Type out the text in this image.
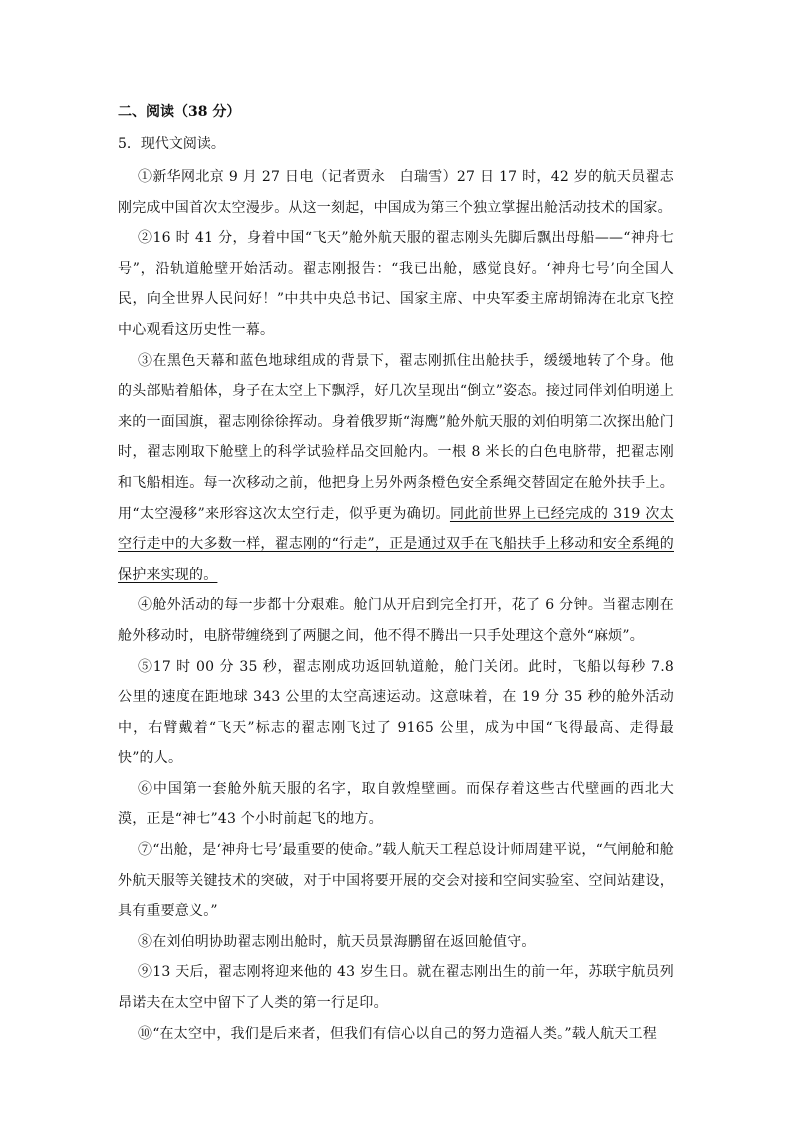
二、阅读（38 分）

5．现代文阅读。

①新华网北京 9 月 27 日电（记者贾永　白瑞雪）27 日 17 时，42 岁的航天员翟志刚完成中国首次太空漫步。从这一刻起，中国成为第三个独立掌握出舱活动技术的国家。

②16 时 41 分，身着中国“飞天”舱外航天服的翟志刚头先脚后飘出母船——“神舟七号”，沿轨道舱壁开始活动。翟志刚报告：“我已出舱，感觉良好。‘神舟七号’向全国人民，向全世界人民问好！”中共中央总书记、国家主席、中央军委主席胡锦涛在北京飞控中心观看这历史性一幕。

③在黑色天幕和蓝色地球组成的背景下，翟志刚抓住出舱扶手，缓缓地转了个身。他的头部贴着船体，身子在太空上下飘浮，好几次呈现出“倒立”姿态。接过同伴刘伯明递上来的一面国旗，翟志刚徐徐挥动。身着俄罗斯“海鹰”舱外航天服的刘伯明第二次探出舱门时，翟志刚取下舱壁上的科学试验样品交回舱内。一根 8 米长的白色电脐带，把翟志刚和飞船相连。每一次移动之前，他把身上另外两条橙色安全系绳交替固定在舱外扶手上。用“太空漫移”来形容这次太空行走，似乎更为确切。同此前世界上已经完成的 319 次太空行走中的大多数一样，翟志刚的“行走”，正是通过双手在飞船扶手上移动和安全系绳的保护来实现的。

④舱外活动的每一步都十分艰难。舱门从开启到完全打开，花了 6 分钟。当翟志刚在舱外移动时，电脐带缠绕到了两腿之间，他不得不腾出一只手处理这个意外“麻烦”。

⑤17 时 00 分 35 秒，翟志刚成功返回轨道舱，舱门关闭。此时，飞船以每秒 7.8 公里的速度在距地球 343 公里的太空高速运动。这意味着，在 19 分 35 秒的舱外活动中，右臂戴着“飞天”标志的翟志刚飞过了 9165 公里，成为中国“飞得最高、走得最快”的人。

⑥中国第一套舱外航天服的名字，取自敦煌壁画。而保存着这些古代壁画的西北大漠，正是“神七”43 个小时前起飞的地方。

⑦“出舱，是‘神舟七号’最重要的使命。”载人航天工程总设计师周建平说，“气闸舱和舱外航天服等关键技术的突破，对于中国将要开展的交会对接和空间实验室、空间站建设，具有重要意义。”

⑧在刘伯明协助翟志刚出舱时，航天员景海鹏留在返回舱值守。

⑨13 天后，翟志刚将迎来他的 43 岁生日。就在翟志刚出生的前一年，苏联宇航员列昂诺夫在太空中留下了人类的第一行足印。

⑩“在太空中，我们是后来者，但我们有信心以自己的努力造福人类。”载人航天工程
